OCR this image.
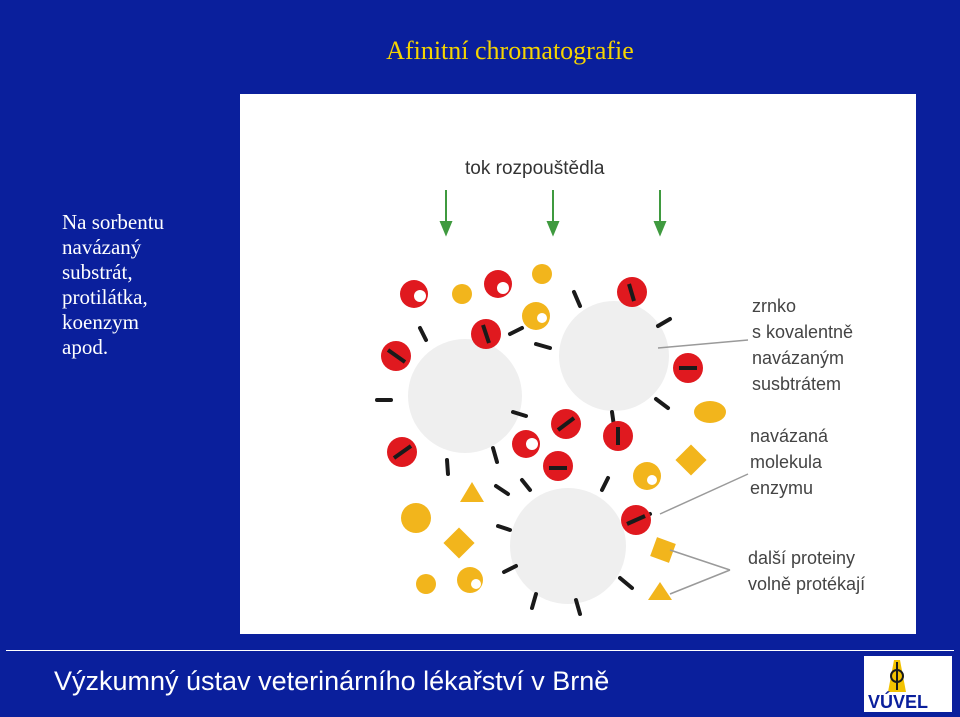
Afinitní chromatografie
Na sorbentu
navázaný
substrát,
protilátka,
koenzym
apod.
tok rozpouštědla
zrnko
s kovalentně
navázaným
susbtrátem
navázaná
molekula
enzymu
další proteiny
volně protékají
Výzkumný ústav veterinárního lékařství v Brně
VÚVEL
